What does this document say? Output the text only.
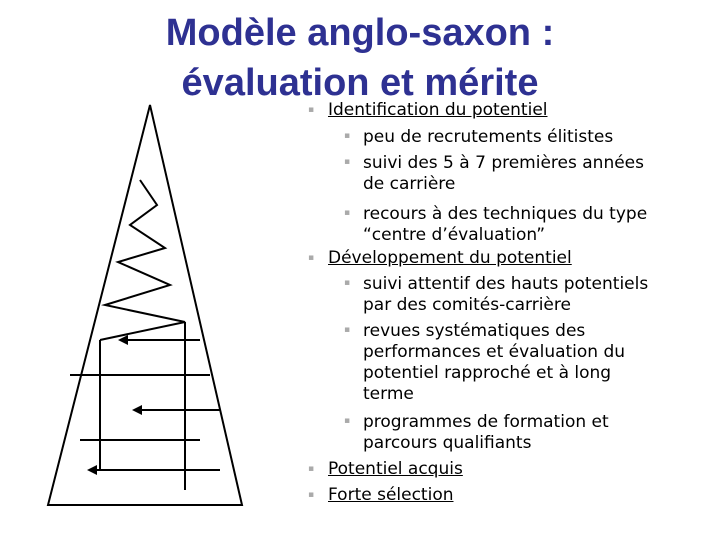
Modèle anglo-saxon :
évaluation et mérite
▪ Identification du potentiel
▪ peu de recrutements élitistes
▪ suivi des 5 à 7 premières années
de carrière
▪ recours à des techniques du type
“centre d’évaluation”
▪ Développement du potentiel
▪ suivi attentif des hauts potentiels
par des comités-carrière
▪ revues systématiques des
performances et évaluation du
potentiel rapproché et à long
terme
▪ programmes de formation et
parcours qualifiants
▪ Potentiel acquis
▪ Forte sélection
